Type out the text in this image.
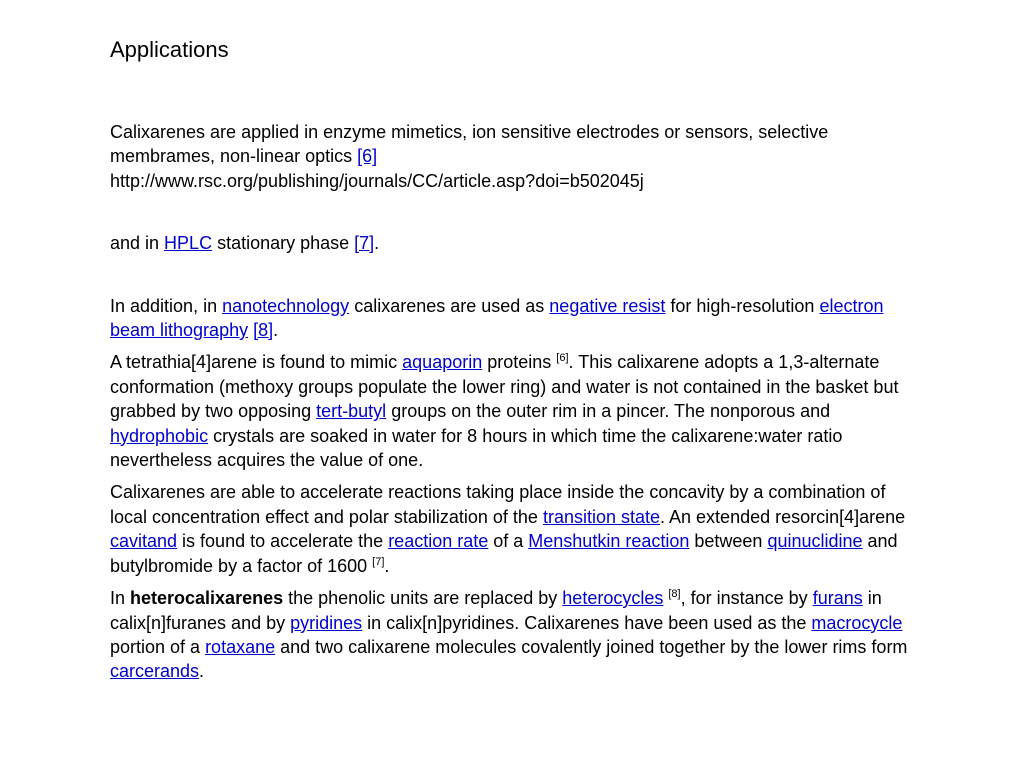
Applications

Calixarenes are applied in enzyme mimetics, ion sensitive electrodes or sensors, selective membrames, non-linear optics [6]
http://www.rsc.org/publishing/journals/CC/article.asp?doi=b502045j

and in HPLC stationary phase [7].

In addition, in nanotechnology calixarenes are used as negative resist for high-resolution electron beam lithography [8].

A tetrathia[4]arene is found to mimic aquaporin proteins [6]. This calixarene adopts a 1,3-alternate conformation (methoxy groups populate the lower ring) and water is not contained in the basket but grabbed by two opposing tert-butyl groups on the outer rim in a pincer. The nonporous and hydrophobic crystals are soaked in water for 8 hours in which time the calixarene:water ratio nevertheless acquires the value of one.

Calixarenes are able to accelerate reactions taking place inside the concavity by a combination of local concentration effect and polar stabilization of the transition state. An extended resorcin[4]arene cavitand is found to accelerate the reaction rate of a Menshutkin reaction between quinuclidine and butylbromide by a factor of 1600 [7].

In heterocalixarenes the phenolic units are replaced by heterocycles [8], for instance by furans in calix[n]furanes and by pyridines in calix[n]pyridines. Calixarenes have been used as the macrocycle portion of a rotaxane and two calixarene molecules covalently joined together by the lower rims form carcerands.
